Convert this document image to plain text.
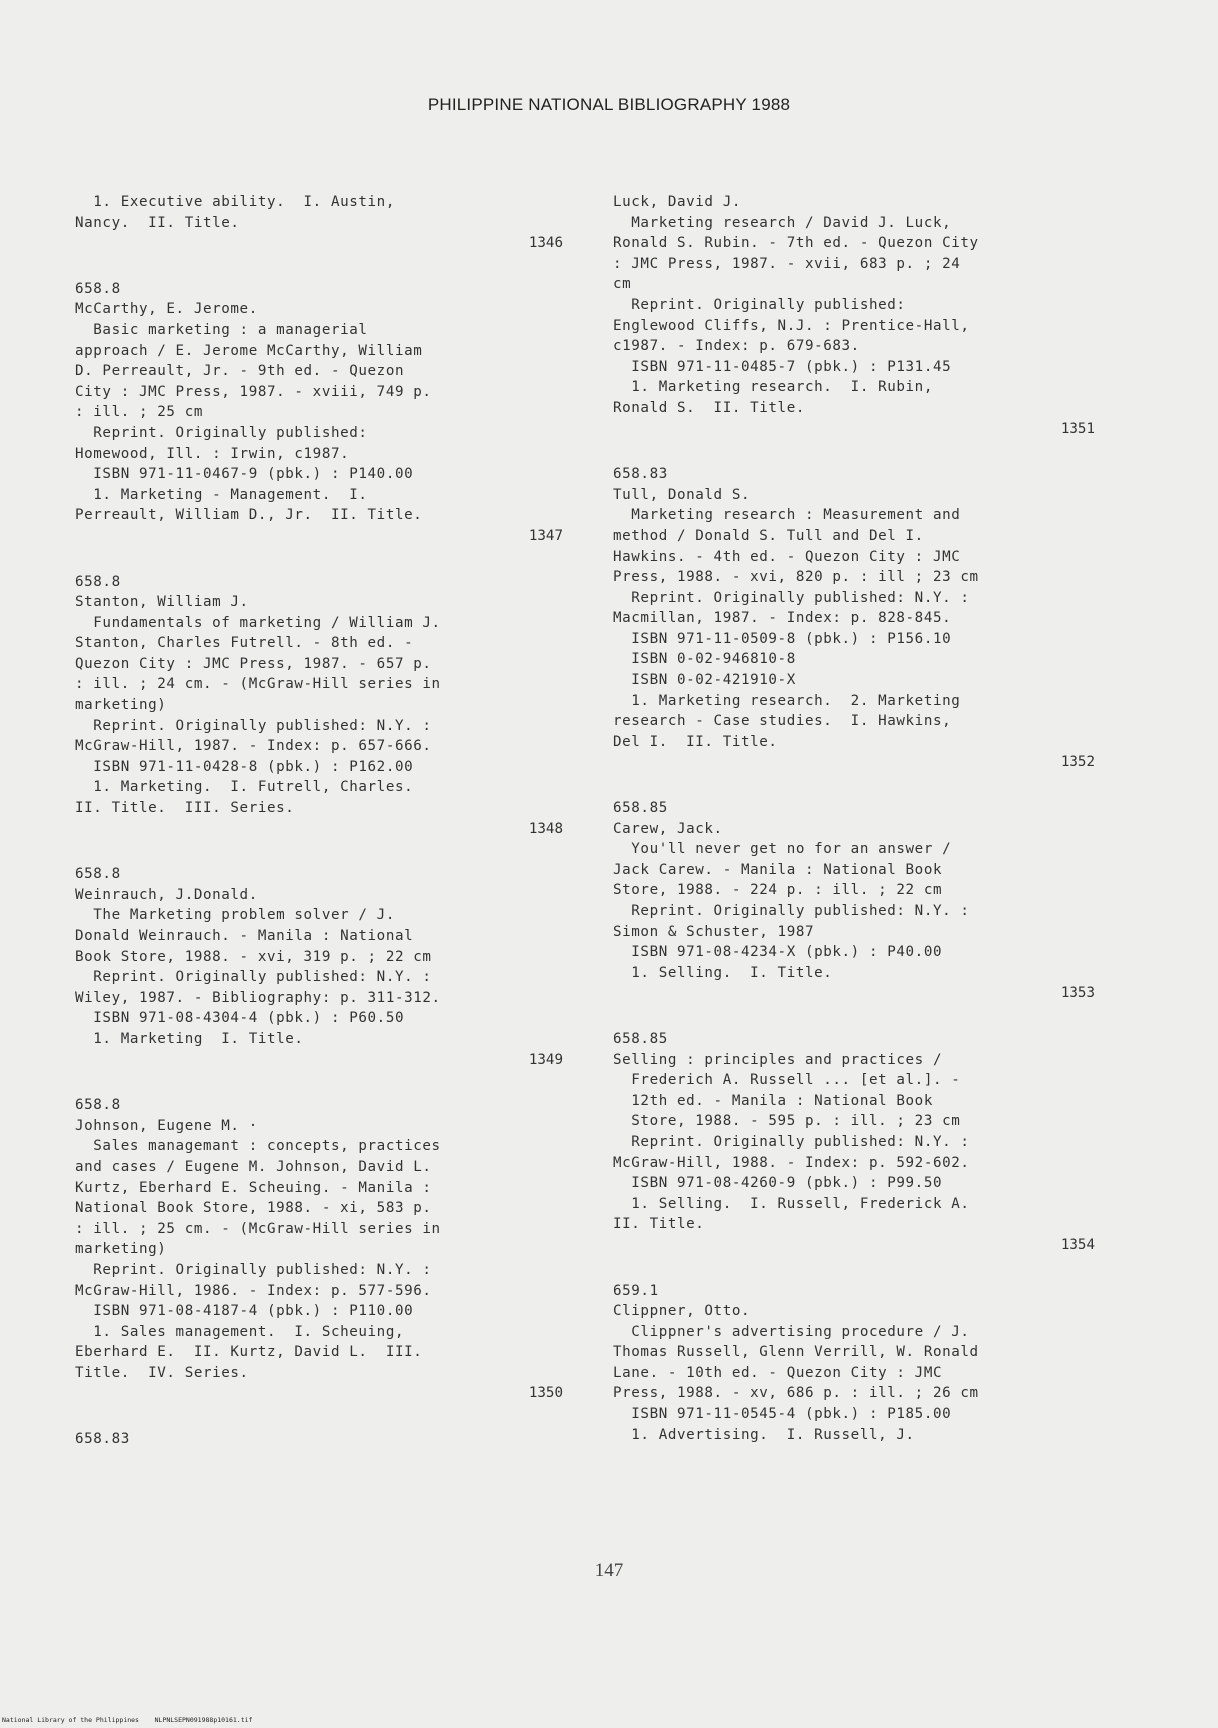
PHILIPPINE NATIONAL BIBLIOGRAPHY 1988
1. Executive ability.  I. Austin,
Nancy.  II. Title.
1346
658.8
McCarthy, E. Jerome.
Basic marketing : a managerial
approach / E. Jerome McCarthy, William
D. Perreault, Jr. - 9th ed. - Quezon
City : JMC Press, 1987. - xviii, 749 p.
: ill. ; 25 cm
Reprint. Originally published:
Homewood, Ill. : Irwin, c1987.
ISBN 971-11-0467-9 (pbk.) : P140.00
1. Marketing - Management.  I.
Perreault, William D., Jr.  II. Title.
1347
658.8
Stanton, William J.
Fundamentals of marketing / William J.
Stanton, Charles Futrell. - 8th ed. -
Quezon City : JMC Press, 1987. - 657 p.
: ill. ; 24 cm. - (McGraw-Hill series in
marketing)
Reprint. Originally published: N.Y. :
McGraw-Hill, 1987. - Index: p. 657-666.
ISBN 971-11-0428-8 (pbk.) : P162.00
1. Marketing.  I. Futrell, Charles.
II. Title.  III. Series.
1348
658.8
Weinrauch, J.Donald.
The Marketing problem solver / J.
Donald Weinrauch. - Manila : National
Book Store, 1988. - xvi, 319 p. ; 22 cm
Reprint. Originally published: N.Y. :
Wiley, 1987. - Bibliography: p. 311-312.
ISBN 971-08-4304-4 (pbk.) : P60.50
1. Marketing  I. Title.
1349
658.8
Johnson, Eugene M. ·
Sales managemant : concepts, practices
and cases / Eugene M. Johnson, David L.
Kurtz, Eberhard E. Scheuing. - Manila :
National Book Store, 1988. - xi, 583 p.
: ill. ; 25 cm. - (McGraw-Hill series in
marketing)
Reprint. Originally published: N.Y. :
McGraw-Hill, 1986. - Index: p. 577-596.
ISBN 971-08-4187-4 (pbk.) : P110.00
1. Sales management.  I. Scheuing,
Eberhard E.  II. Kurtz, David L.  III.
Title.  IV. Series.
1350
658.83
Luck, David J.
Marketing research / David J. Luck,
Ronald S. Rubin. - 7th ed. - Quezon City
: JMC Press, 1987. - xvii, 683 p. ; 24
cm
Reprint. Originally published:
Englewood Cliffs, N.J. : Prentice-Hall,
c1987. - Index: p. 679-683.
ISBN 971-11-0485-7 (pbk.) : P131.45
1. Marketing research.  I. Rubin,
Ronald S.  II. Title.
1351
658.83
Tull, Donald S.
Marketing research : Measurement and
method / Donald S. Tull and Del I.
Hawkins. - 4th ed. - Quezon City : JMC
Press, 1988. - xvi, 820 p. : ill ; 23 cm
Reprint. Originally published: N.Y. :
Macmillan, 1987. - Index: p. 828-845.
ISBN 971-11-0509-8 (pbk.) : P156.10
ISBN 0-02-946810-8
ISBN 0-02-421910-X
1. Marketing research.  2. Marketing
research - Case studies.  I. Hawkins,
Del I.  II. Title.
1352
658.85
Carew, Jack.
You'll never get no for an answer /
Jack Carew. - Manila : National Book
Store, 1988. - 224 p. : ill. ; 22 cm
Reprint. Originally published: N.Y. :
Simon & Schuster, 1987
ISBN 971-08-4234-X (pbk.) : P40.00
1. Selling.  I. Title.
1353
658.85
Selling : principles and practices /
Frederich A. Russell ... [et al.]. -
12th ed. - Manila : National Book
Store, 1988. - 595 p. : ill. ; 23 cm
Reprint. Originally published: N.Y. :
McGraw-Hill, 1988. - Index: p. 592-602.
ISBN 971-08-4260-9 (pbk.) : P99.50
1. Selling.  I. Russell, Frederick A.
II. Title.
1354
659.1
Clippner, Otto.
Clippner's advertising procedure / J.
Thomas Russell, Glenn Verrill, W. Ronald
Lane. - 10th ed. - Quezon City : JMC
Press, 1988. - xv, 686 p. : ill. ; 26 cm
ISBN 971-11-0545-4 (pbk.) : P185.00
1. Advertising.  I. Russell, J.
147
National Library of the Philippines    NLPNLSEPN091988p10161.tif
